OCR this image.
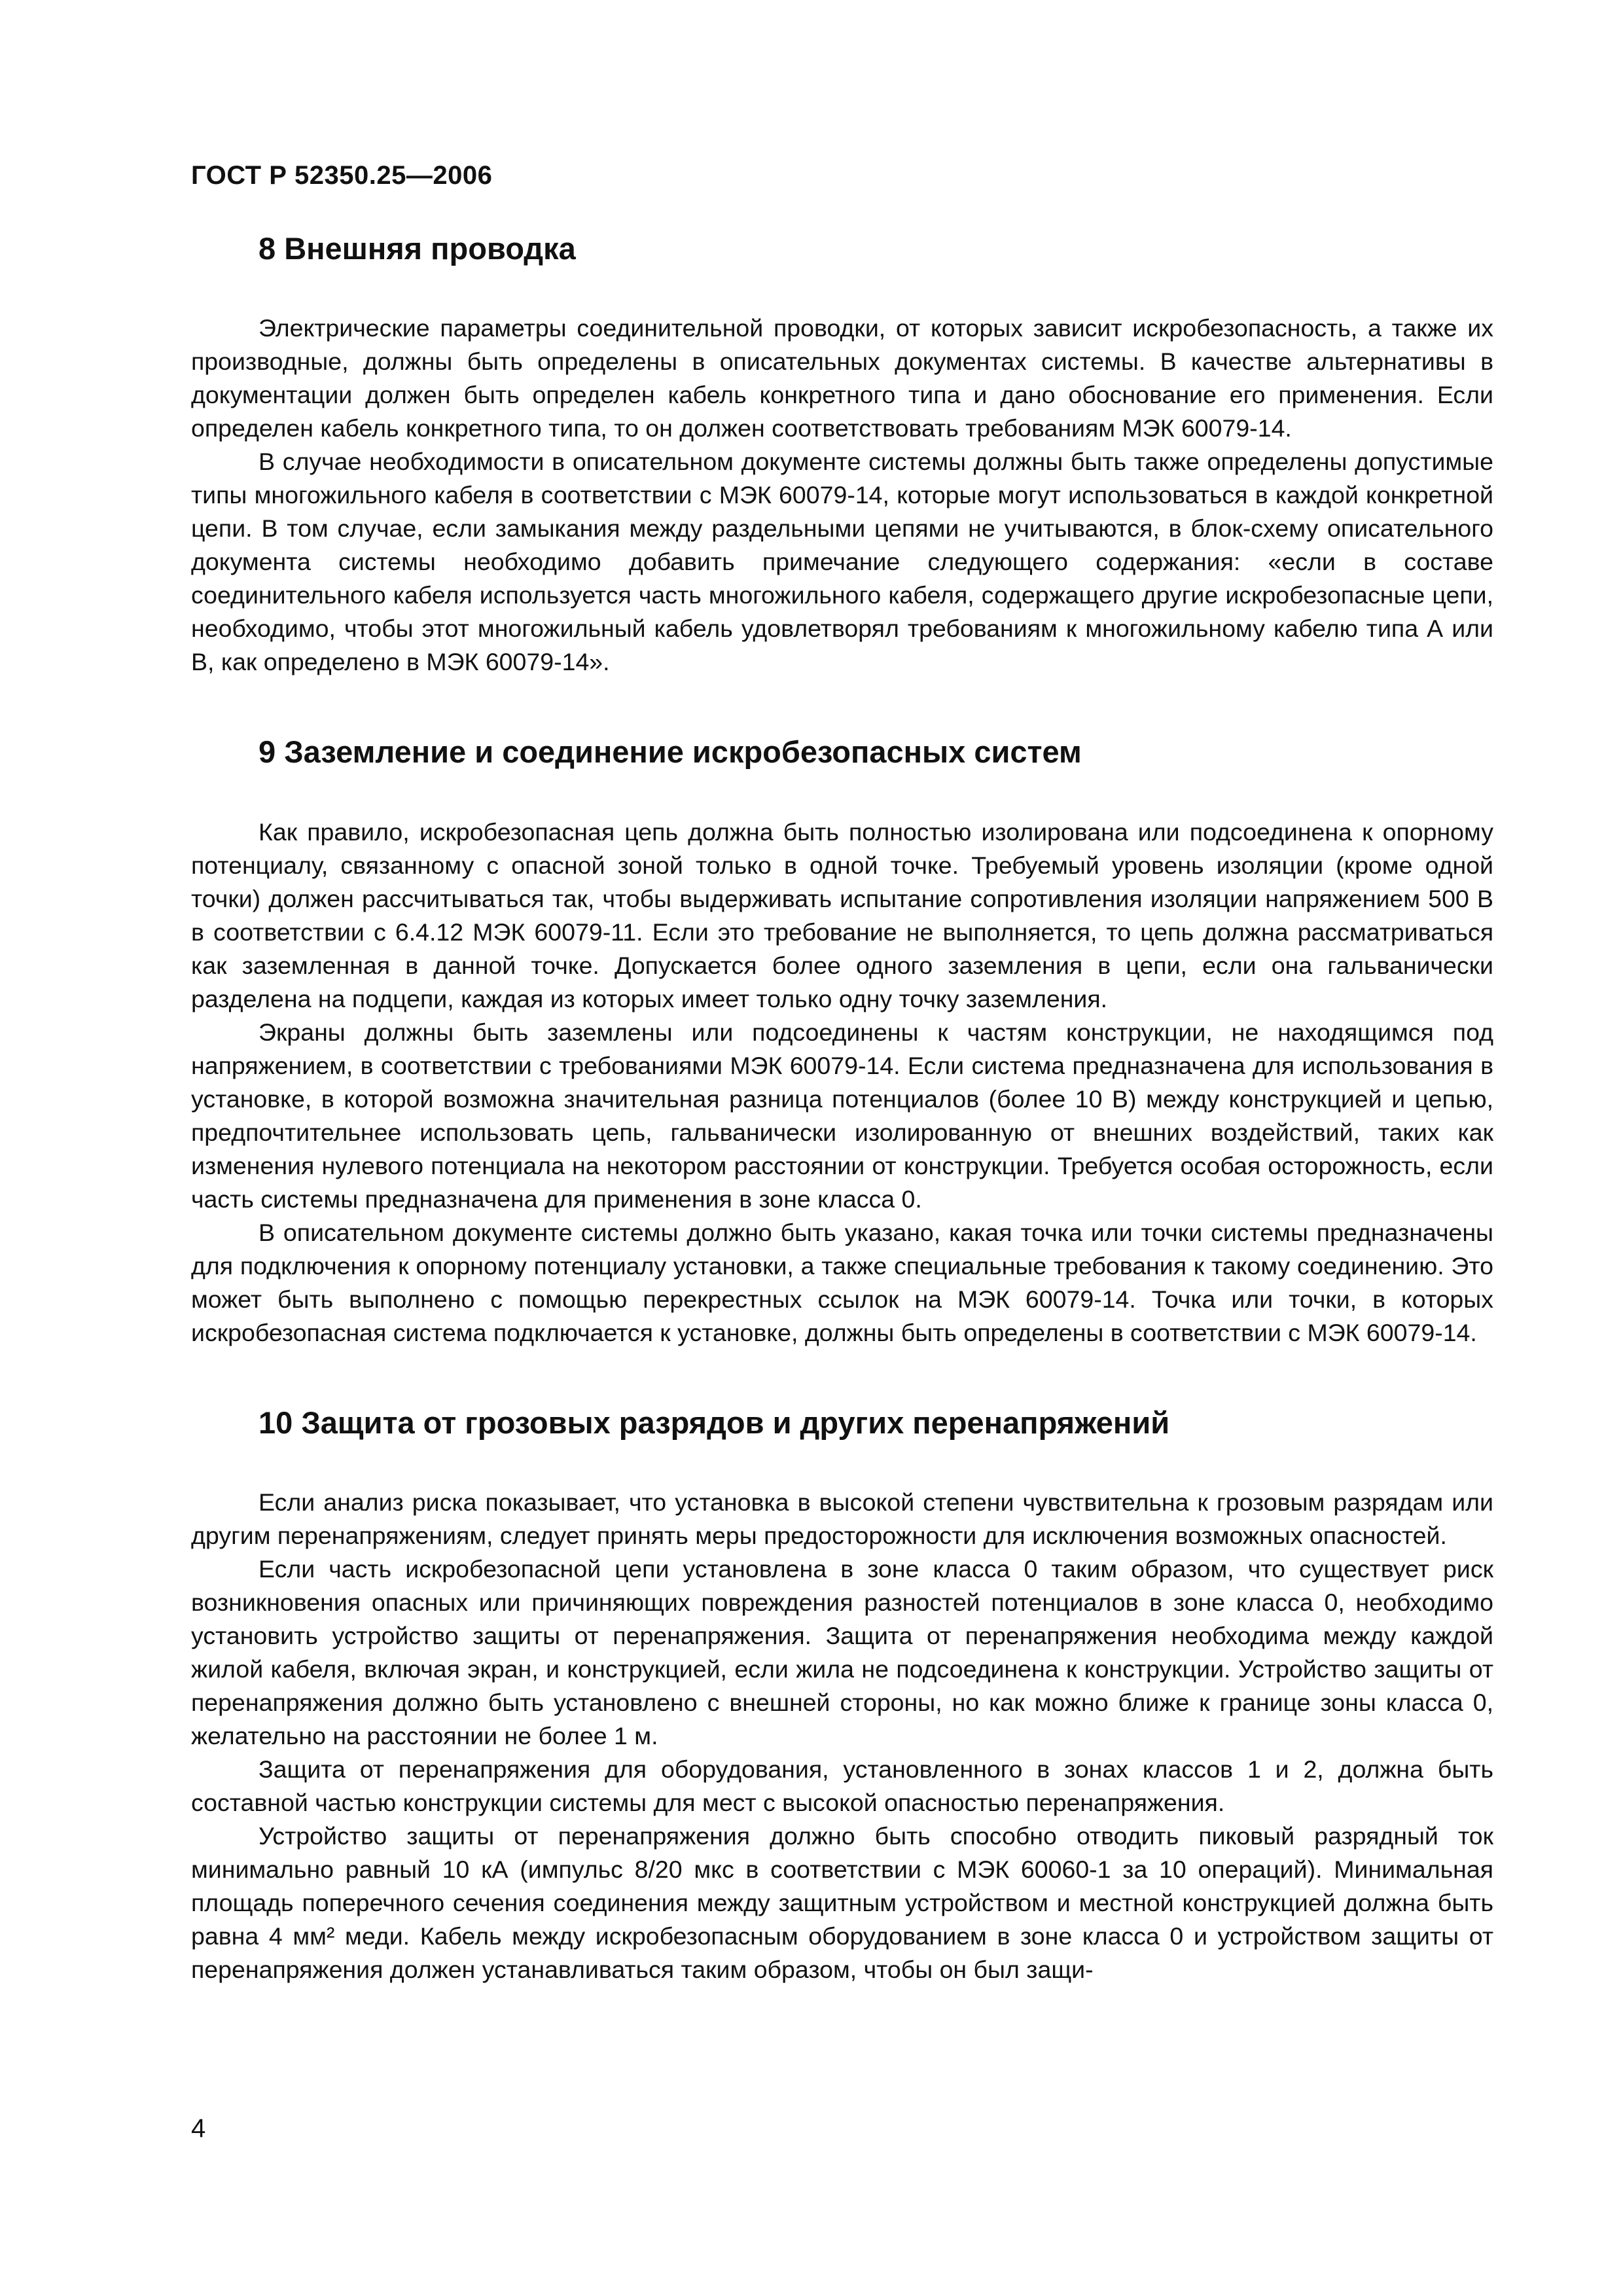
ГОСТ Р 52350.25—2006
8 Внешняя проводка

Электрические параметры соединительной проводки, от которых зависит искробезопасность, а также их производные, должны быть определены в описательных документах системы. В качестве альтернативы в документации должен быть определен кабель конкретного типа и дано обоснование его применения. Если определен кабель конкретного типа, то он должен соответствовать требованиям МЭК 60079-14.

В случае необходимости в описательном документе системы должны быть также определены допустимые типы многожильного кабеля в соответствии с МЭК 60079-14, которые могут использоваться в каждой конкретной цепи. В том случае, если замыкания между раздельными цепями не учитываются, в блок-схему описательного документа системы необходимо добавить примечание следующего содержания: «если в составе соединительного кабеля используется часть многожильного кабеля, содержащего другие искробезопасные цепи, необходимо, чтобы этот многожильный кабель удовлетворял требованиям к многожильному кабелю типа А или В, как определено в МЭК 60079-14».

9 Заземление и соединение искробезопасных систем

Как правило, искробезопасная цепь должна быть полностью изолирована или подсоединена к опорному потенциалу, связанному с опасной зоной только в одной точке. Требуемый уровень изоляции (кроме одной точки) должен рассчитываться так, чтобы выдерживать испытание сопротивления изоляции напряжением 500 В в соответствии с 6.4.12 МЭК 60079-11. Если это требование не выполняется, то цепь должна рассматриваться как заземленная в данной точке. Допускается более одного заземления в цепи, если она гальванически разделена на подцепи, каждая из которых имеет только одну точку заземления.

Экраны должны быть заземлены или подсоединены к частям конструкции, не находящимся под напряжением, в соответствии с требованиями МЭК 60079-14. Если система предназначена для использования в установке, в которой возможна значительная разница потенциалов (более 10 В) между конструкцией и цепью, предпочтительнее использовать цепь, гальванически изолированную от внешних воздействий, таких как изменения нулевого потенциала на некотором расстоянии от конструкции. Требуется особая осторожность, если часть системы предназначена для применения в зоне класса 0.

В описательном документе системы должно быть указано, какая точка или точки системы предназначены для подключения к опорному потенциалу установки, а также специальные требования к такому соединению. Это может быть выполнено с помощью перекрестных ссылок на МЭК 60079-14. Точка или точки, в которых искробезопасная система подключается к установке, должны быть определены в соответствии с МЭК 60079-14.

10 Защита от грозовых разрядов и других перенапряжений

Если анализ риска показывает, что установка в высокой степени чувствительна к грозовым разрядам или другим перенапряжениям, следует принять меры предосторожности для исключения возможных опасностей.

Если часть искробезопасной цепи установлена в зоне класса 0 таким образом, что существует риск возникновения опасных или причиняющих повреждения разностей потенциалов в зоне класса 0, необходимо установить устройство защиты от перенапряжения. Защита от перенапряжения необходима между каждой жилой кабеля, включая экран, и конструкцией, если жила не подсоединена к конструкции. Устройство защиты от перенапряжения должно быть установлено с внешней стороны, но как можно ближе к границе зоны класса 0, желательно на расстоянии не более 1 м.

Защита от перенапряжения для оборудования, установленного в зонах классов 1 и 2, должна быть составной частью конструкции системы для мест с высокой опасностью перенапряжения.

Устройство защиты от перенапряжения должно быть способно отводить пиковый разрядный ток минимально равный 10 кА (импульс 8/20 мкс в соответствии с МЭК 60060-1 за 10 операций). Минимальная площадь поперечного сечения соединения между защитным устройством и местной конструкцией должна быть равна 4 мм² меди. Кабель между искробезопасным оборудованием в зоне класса 0 и устройством защиты от перенапряжения должен устанавливаться таким образом, чтобы он был защи-

4
